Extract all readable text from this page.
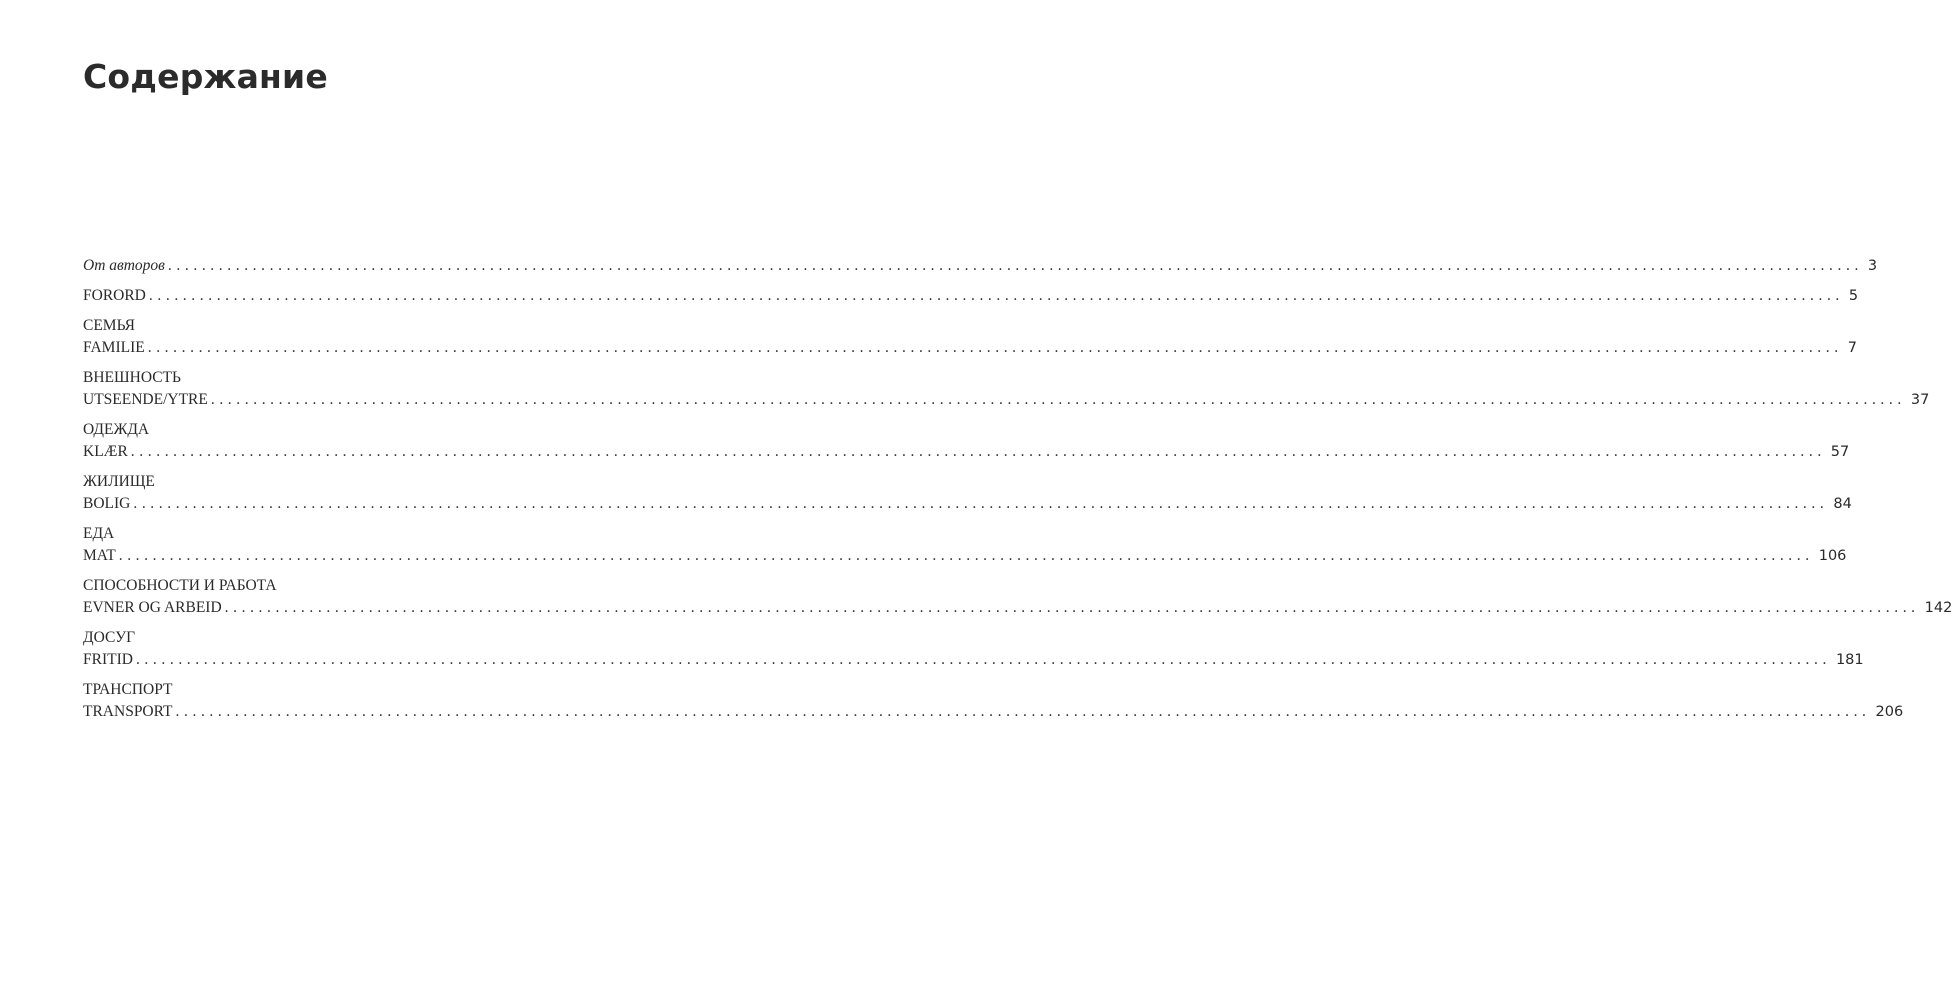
Содержание
От авторов ........................................................................................................................................................................................................ 3
FORORD ........................................................................................................................................................................................................ 5
СЕМЬЯ
FAMILIE ........................................................................................................................................................................................................ 7
ВНЕШНОСТЬ
UTSEENDE/YTRE ........................................................................................................................................................................................................ 37
ОДЕЖДА
KLÆR ........................................................................................................................................................................................................ 57
ЖИЛИЩЕ
BOLIG ........................................................................................................................................................................................................ 84
ЕДА
MAT ........................................................................................................................................................................................................ 106
СПОСОБНОСТИ И РАБОТА
EVNER OG ARBEID ........................................................................................................................................................................................................ 142
ДОСУГ
FRITID ........................................................................................................................................................................................................ 181
ТРАНСПОРТ
TRANSPORT ........................................................................................................................................................................................................ 206
